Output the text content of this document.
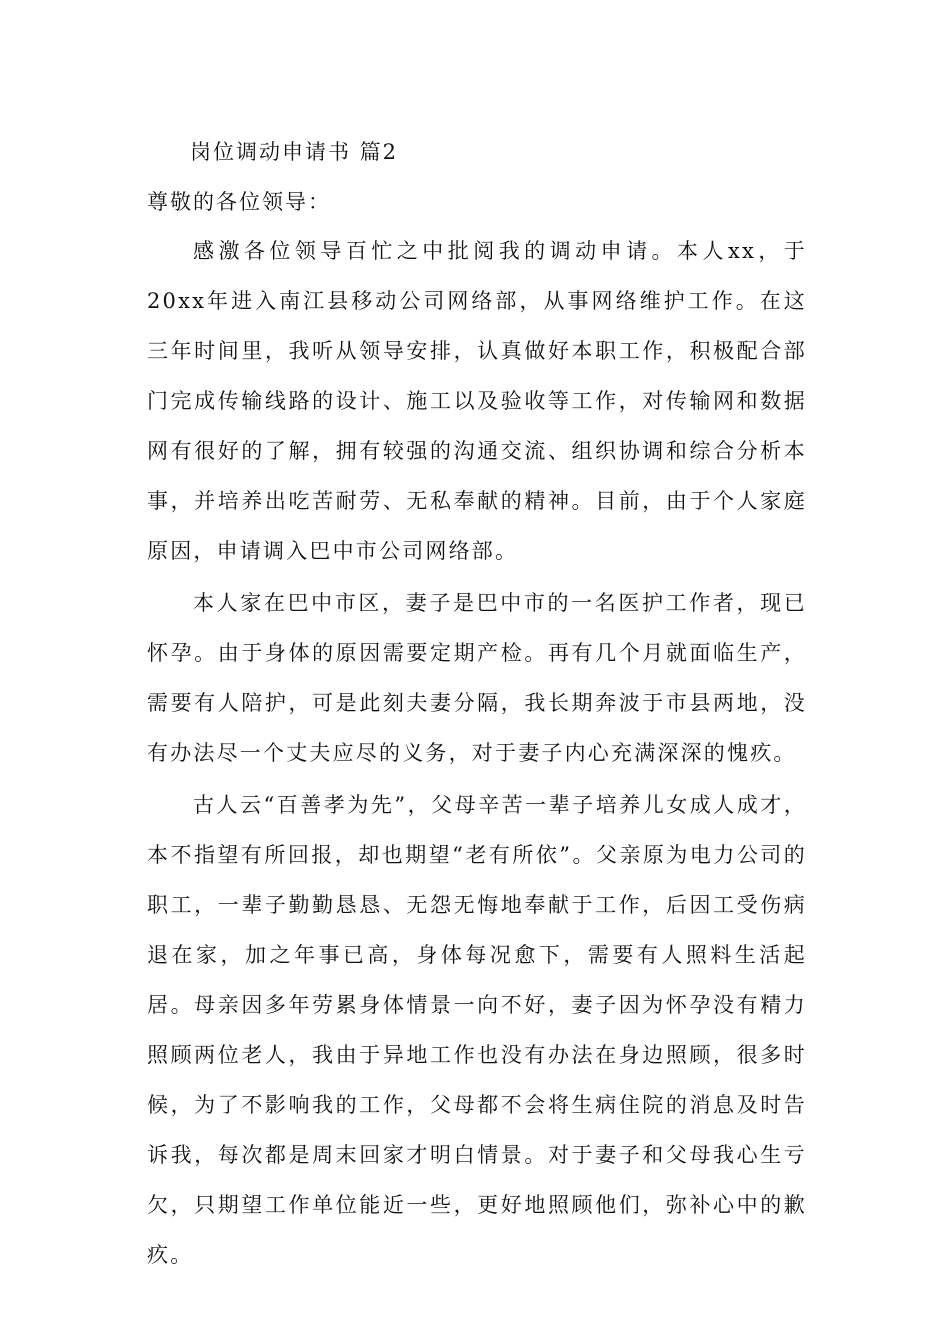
岗位调动申请书 篇2
尊敬的各位领导：

感激各位领导百忙之中批阅我的调动申请。本人xx，于20xx年进入南江县移动公司网络部，从事网络维护工作。在这三年时间里，我听从领导安排，认真做好本职工作，积极配合部门完成传输线路的设计、施工以及验收等工作，对传输网和数据网有很好的了解，拥有较强的沟通交流、组织协调和综合分析本事，并培养出吃苦耐劳、无私奉献的精神。目前，由于个人家庭原因，申请调入巴中市公司网络部。

本人家在巴中市区，妻子是巴中市的一名医护工作者，现已怀孕。由于身体的原因需要定期产检。再有几个月就面临生产，需要有人陪护，可是此刻夫妻分隔，我长期奔波于市县两地，没有办法尽一个丈夫应尽的义务，对于妻子内心充满深深的愧疚。

古人云“百善孝为先”，父母辛苦一辈子培养儿女成人成才，本不指望有所回报，却也期望“老有所依”。父亲原为电力公司的职工，一辈子勤勤恳恳、无怨无悔地奉献于工作，后因工受伤病退在家，加之年事已高，身体每况愈下，需要有人照料生活起居。母亲因多年劳累身体情景一向不好，妻子因为怀孕没有精力照顾两位老人，我由于异地工作也没有办法在身边照顾，很多时候，为了不影响我的工作，父母都不会将生病住院的消息及时告诉我，每次都是周末回家才明白情景。对于妻子和父母我心生亏欠，只期望工作单位能近一些，更好地照顾他们，弥补心中的歉疚。
